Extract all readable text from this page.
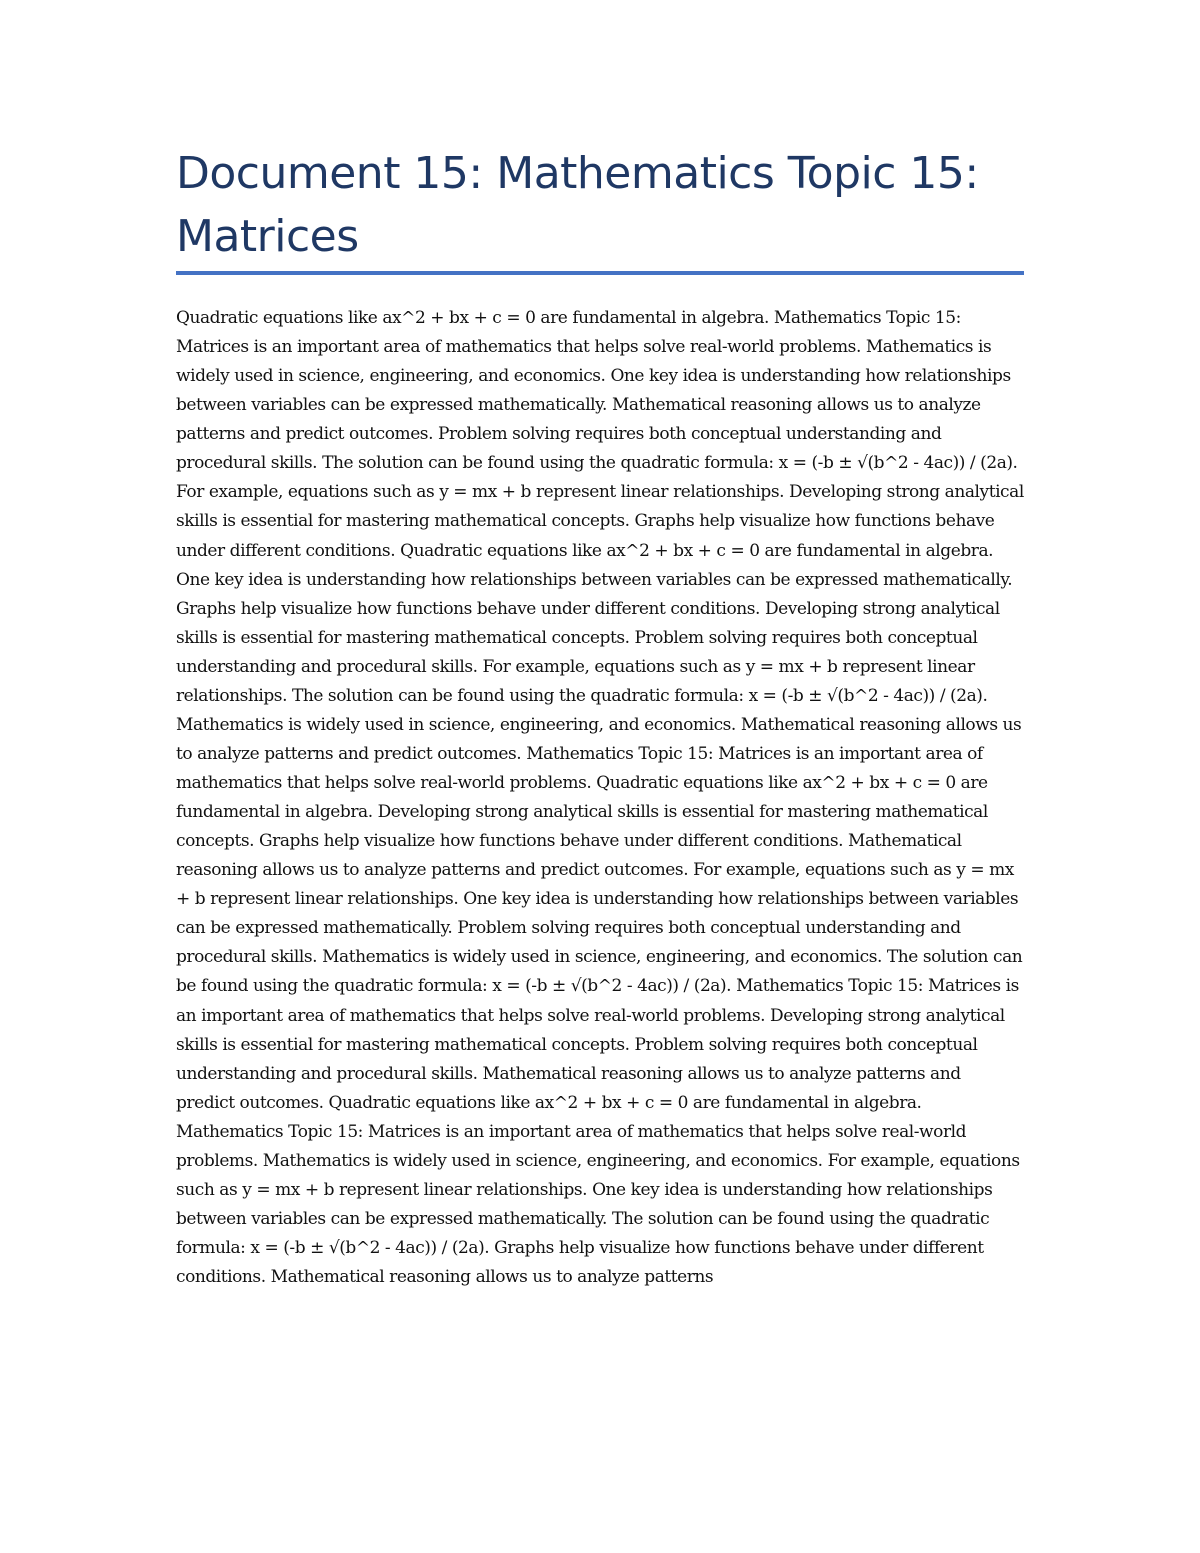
Document 15: Mathematics Topic 15: Matrices

Quadratic equations like ax^2 + bx + c = 0 are fundamental in algebra. Mathematics Topic 15: Matrices is an important area of mathematics that helps solve real-world problems. Mathematics is widely used in science, engineering, and economics. One key idea is understanding how relationships between variables can be expressed mathematically. Mathematical reasoning allows us to analyze patterns and predict outcomes. Problem solving requires both conceptual understanding and procedural skills. The solution can be found using the quadratic formula: x = (-b ± √(b^2 - 4ac)) / (2a). For example, equations such as y = mx + b represent linear relationships. Developing strong analytical skills is essential for mastering mathematical concepts. Graphs help visualize how functions behave under different conditions. Quadratic equations like ax^2 + bx + c = 0 are fundamental in algebra. One key idea is understanding how relationships between variables can be expressed mathematically. Graphs help visualize how functions behave under different conditions. Developing strong analytical skills is essential for mastering mathematical concepts. Problem solving requires both conceptual understanding and procedural skills. For example, equations such as y = mx + b represent linear relationships. The solution can be found using the quadratic formula: x = (-b ± √(b^2 - 4ac)) / (2a). Mathematics is widely used in science, engineering, and economics. Mathematical reasoning allows us to analyze patterns and predict outcomes. Mathematics Topic 15: Matrices is an important area of mathematics that helps solve real-world problems. Quadratic equations like ax^2 + bx + c = 0 are fundamental in algebra. Developing strong analytical skills is essential for mastering mathematical concepts. Graphs help visualize how functions behave under different conditions. Mathematical reasoning allows us to analyze patterns and predict outcomes. For example, equations such as y = mx + b represent linear relationships. One key idea is understanding how relationships between variables can be expressed mathematically. Problem solving requires both conceptual understanding and procedural skills. Mathematics is widely used in science, engineering, and economics. The solution can be found using the quadratic formula: x = (-b ± √(b^2 - 4ac)) / (2a). Mathematics Topic 15: Matrices is an important area of mathematics that helps solve real-world problems. Developing strong analytical skills is essential for mastering mathematical concepts. Problem solving requires both conceptual understanding and procedural skills. Mathematical reasoning allows us to analyze patterns and predict outcomes. Quadratic equations like ax^2 + bx + c = 0 are fundamental in algebra. Mathematics Topic 15: Matrices is an important area of mathematics that helps solve real-world problems. Mathematics is widely used in science, engineering, and economics. For example, equations such as y = mx + b represent linear relationships. One key idea is understanding how relationships between variables can be expressed mathematically. The solution can be found using the quadratic formula: x = (-b ± √(b^2 - 4ac)) / (2a). Graphs help visualize how functions behave under different conditions. Mathematical reasoning allows us to analyze patterns
